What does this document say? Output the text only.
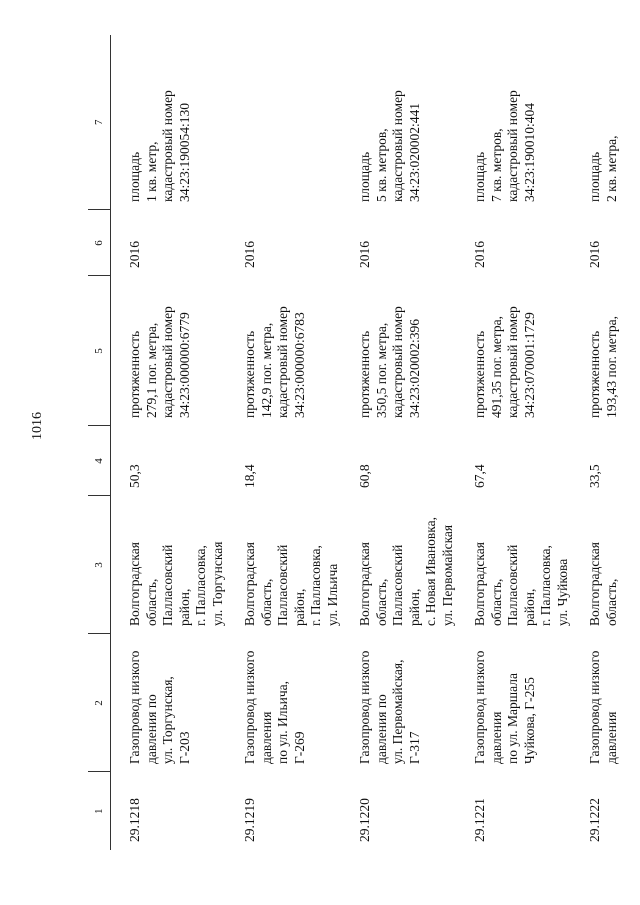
1016
1	2	3	4	5	6	7

29.1218	Газопровод низкого
давления по
ул. Торгунская, Г-203	Волгоградская
область,
Палласовский район,
г. Палласовка,
ул. Торгунская	50,3	протяженность
279,1 пог. метра,
кадастровый номер
34:23:000000:6779	2016	площадь
1 кв. метр,
кадастровый номер
34:23:190054:130

29.1219	Газопровод низкого
давления
по ул. Ильича,
Г-269	Волгоградская
область,
Палласовский район,
г. Палласовка,
ул. Ильича	18,4	протяженность
142,9 пог. метра,
кадастровый номер
34:23:000000:6783	2016	

29.1220	Газопровод низкого
давления по
ул. Первомайская,
Г-317	Волгоградская
область,
Палласовский район,
с. Новая Ивановка,
ул. Первомайская	60,8	протяженность
350,5 пог. метра,
кадастровый номер
34:23:020002:396	2016	площадь
5 кв. метров,
кадастровый номер
34:23:020002:441

29.1221	Газопровод низкого
давления
по ул. Маршала
Чуйкова, Г-255	Волгоградская
область,
Палласовский район,
г. Палласовка,
ул. Чуйкова	67,4	протяженность
491,35 пог. метра,
кадастровый номер
34:23:070001:1729	2016	площадь
7 кв. метров,
кадастровый номер
34:23:190010:404

29.1222	Газопровод низкого
давления	Волгоградская
область,	33,5	протяженность
193,43 пог. метра,	2016	площадь
2 кв. метра,
